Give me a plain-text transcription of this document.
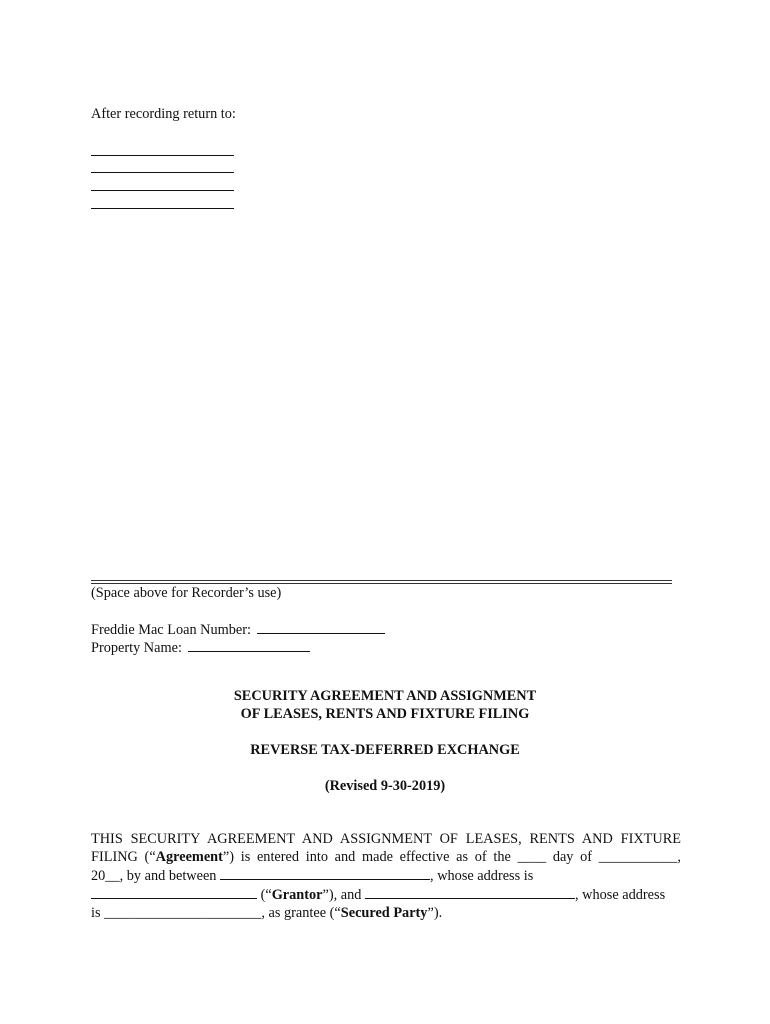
After recording return to:
(Space above for Recorder’s use)
Freddie Mac Loan Number:
Property Name:
SECURITY AGREEMENT AND ASSIGNMENT
OF LEASES, RENTS AND FIXTURE FILING
REVERSE TAX-DEFERRED EXCHANGE
(Revised 9-30-2019)
THIS SECURITY AGREEMENT AND ASSIGNMENT OF LEASES, RENTS AND FIXTURE
FILING (“Agreement”) is entered into and made effective as of the ____ day of ___________,
20__, by and between	, whose address is
(“Grantor”), and	, whose address
is ______________________, as grantee (“Secured Party”).
